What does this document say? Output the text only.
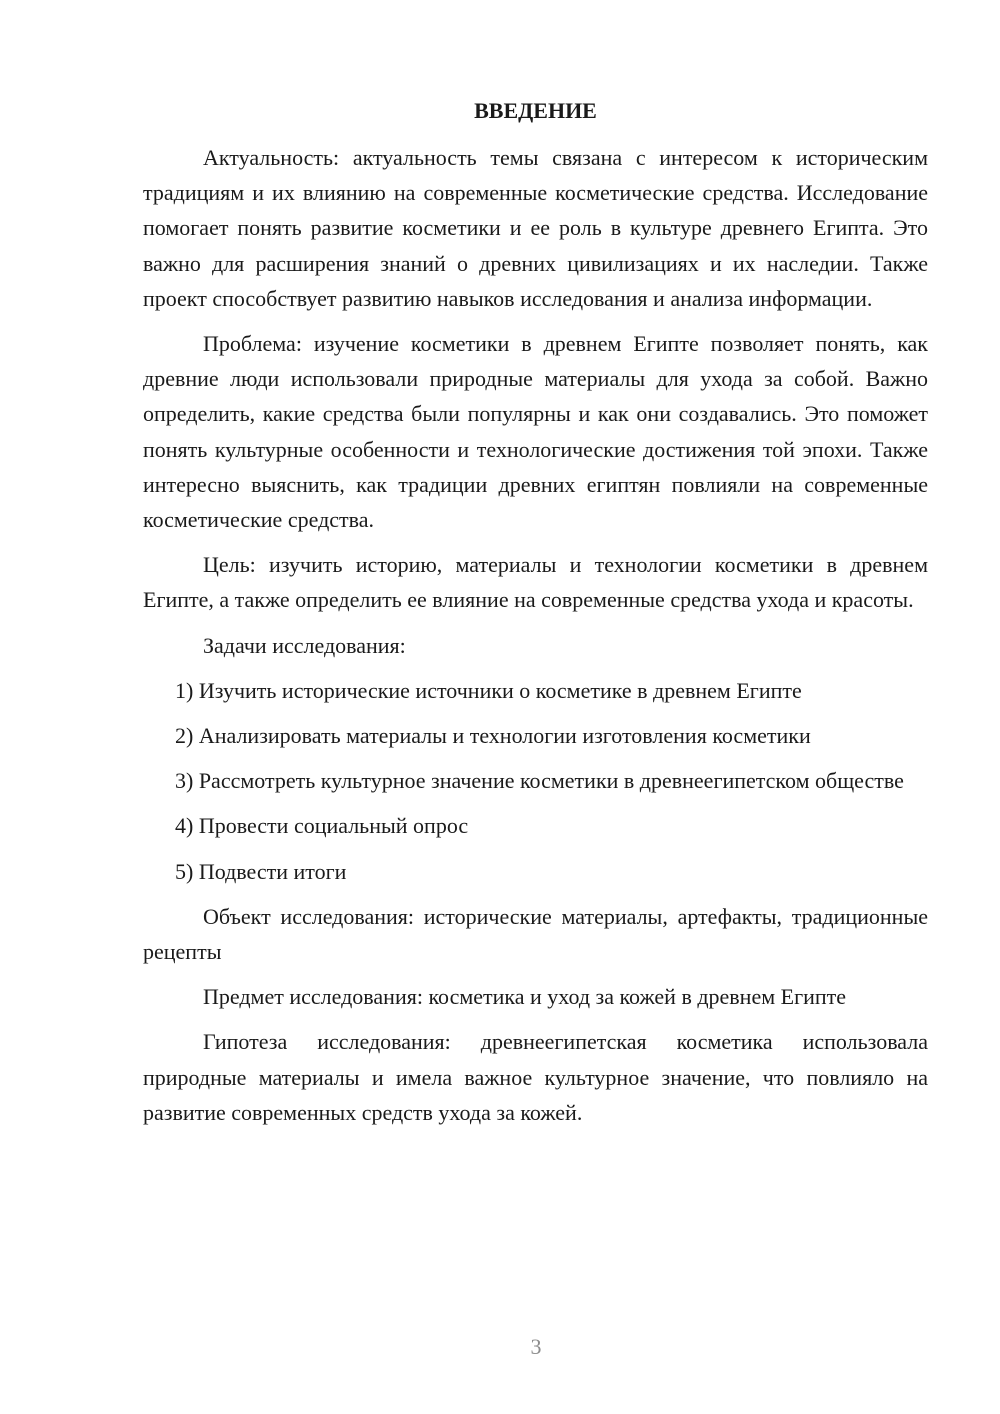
ВВЕДЕНИЕ

Актуальность: актуальность темы связана с интересом к историческим традициям и их влиянию на современные косметические средства. Исследование помогает понять развитие косметики и ее роль в культуре древнего Египта. Это важно для расширения знаний о древних цивилизациях и их наследии. Также проект способствует развитию навыков исследования и анализа информации.

Проблема: изучение косметики в древнем Египте позволяет понять, как древние люди использовали природные материалы для ухода за собой. Важно определить, какие средства были популярны и как они создавались. Это поможет понять культурные особенности и технологические достижения той эпохи. Также интересно выяснить, как традиции древних египтян повлияли на современные косметические средства.

Цель: изучить историю, материалы и технологии косметики в древнем Египте, а также определить ее влияние на современные средства ухода и красоты.

Задачи исследования:

1) Изучить исторические источники о косметике в древнем Египте

2) Анализировать материалы и технологии изготовления косметики

3) Рассмотреть культурное значение косметики в древнеегипетском обществе

4) Провести социальный опрос

5) Подвести итоги

Объект исследования: исторические материалы, артефакты, традиционные рецепты

Предмет исследования: косметика и уход за кожей в древнем Египте

Гипотеза исследования: древнеегипетская косметика использовала природные материалы и имела важное культурное значение, что повлияло на развитие современных средств ухода за кожей.

3
